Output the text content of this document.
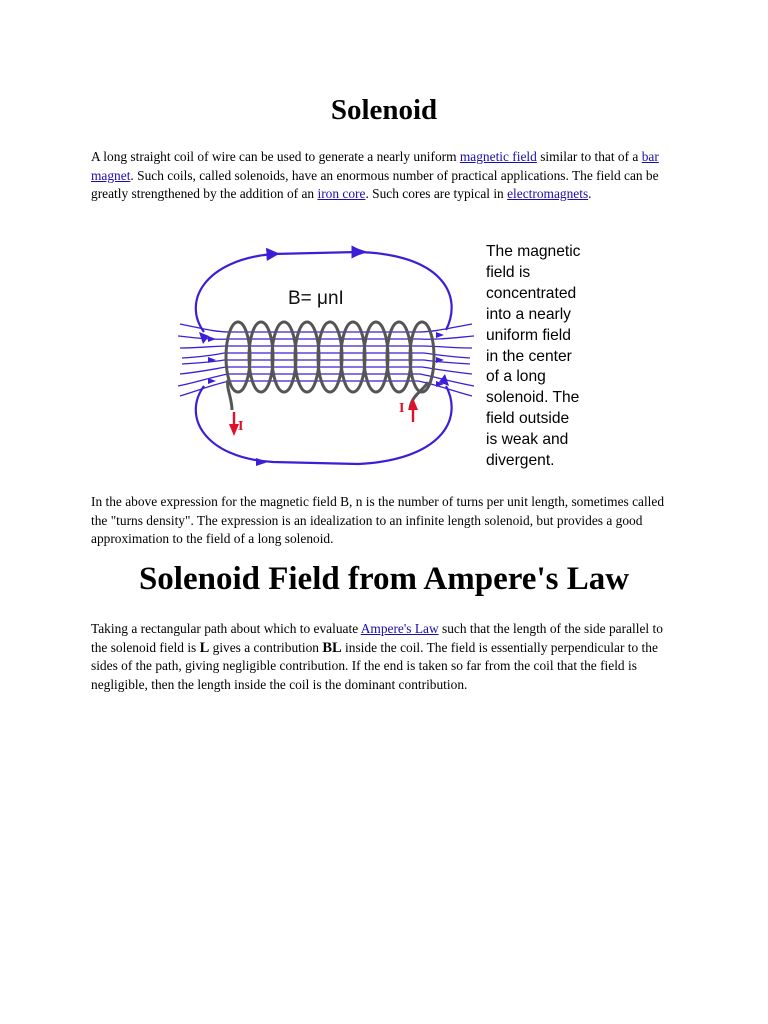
Solenoid

A long straight coil of wire can be used to generate a nearly uniform magnetic field similar to that of a bar magnet. Such coils, called solenoids, have an enormous number of practical applications. The field can be greatly strengthened by the addition of an iron core. Such cores are typical in electromagnets.

I
I
B= μnI
The magnetic
field is
concentrated
into a nearly
uniform field
in the center
of a long
solenoid. The
field outside
is weak and
divergent.

In the above expression for the magnetic field B, n is the number of turns per unit length, sometimes called the "turns density". The expression is an idealization to an infinite length solenoid, but provides a good approximation to the field of a long solenoid.

Solenoid Field from Ampere's Law

Taking a rectangular path about which to evaluate Ampere's Law such that the length of the side parallel to the solenoid field is L gives a contribution BL inside the coil. The field is essentially perpendicular to the sides of the path, giving negligible contribution. If the end is taken so far from the coil that the field is negligible, then the length inside the coil is the dominant contribution.
